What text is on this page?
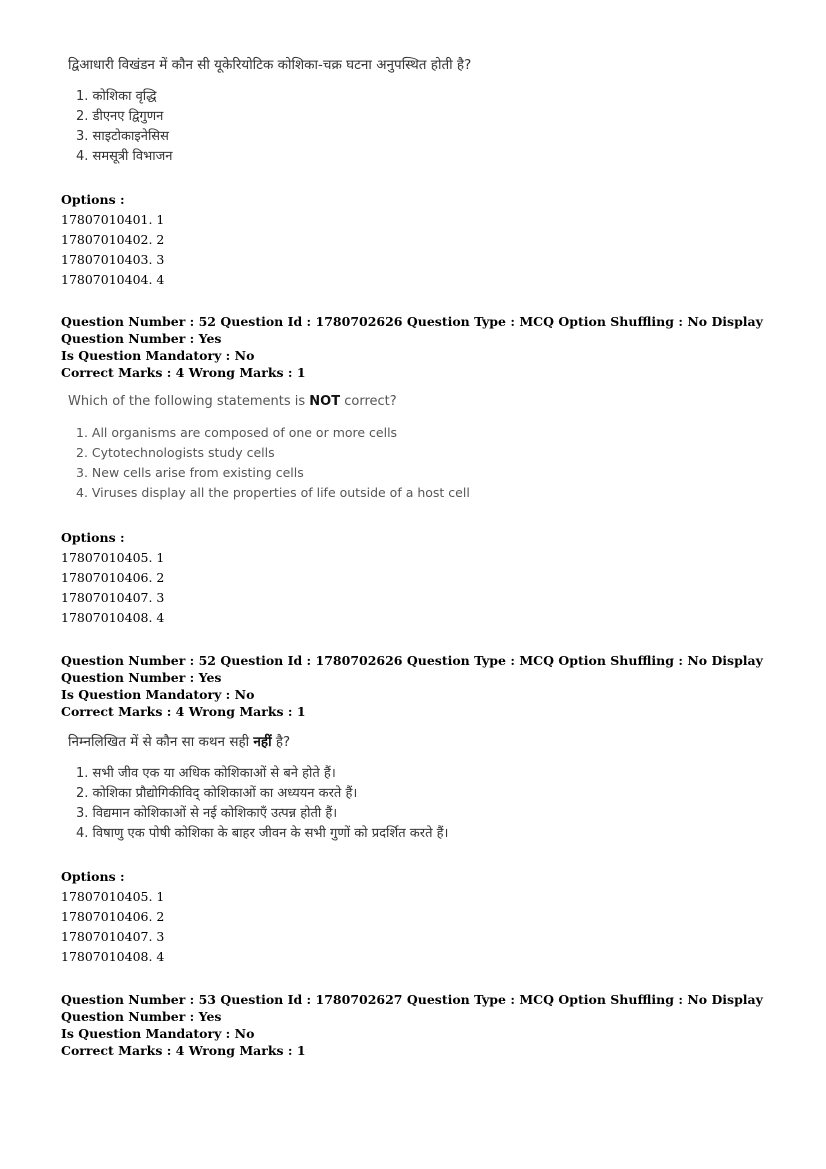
द्विआधारी विखंडन में कौन सी यूकेरियोटिक कोशिका-चक्र घटना अनुपस्थित होती है?
1. कोशिका वृद्धि
2. डीएनए द्विगुणन
3. साइटोकाइनेसिस
4. समसूत्री विभाजन
Options :
17807010401. 1
17807010402. 2
17807010403. 3
17807010404. 4
Question Number : 52 Question Id : 1780702626 Question Type : MCQ Option Shuffling : No Display Question Number : Yes
Is Question Mandatory : No
Correct Marks : 4 Wrong Marks : 1
Which of the following statements is NOT correct?
1. All organisms are composed of one or more cells
2. Cytotechnologists study cells
3. New cells arise from existing cells
4. Viruses display all the properties of life outside of a host cell
Options :
17807010405. 1
17807010406. 2
17807010407. 3
17807010408. 4
Question Number : 52 Question Id : 1780702626 Question Type : MCQ Option Shuffling : No Display Question Number : Yes
Is Question Mandatory : No
Correct Marks : 4 Wrong Marks : 1
निम्नलिखित में से कौन सा कथन सही नहीं है?
1. सभी जीव एक या अधिक कोशिकाओं से बने होते हैं।
2. कोशिका प्रौद्योगिकीविद् कोशिकाओं का अध्ययन करते हैं।
3. विद्यमान कोशिकाओं से नई कोशिकाएँ उत्पन्न होती हैं।
4. विषाणु एक पोषी कोशिका के बाहर जीवन के सभी गुणों को प्रदर्शित करते हैं।
Options :
17807010405. 1
17807010406. 2
17807010407. 3
17807010408. 4
Question Number : 53 Question Id : 1780702627 Question Type : MCQ Option Shuffling : No Display Question Number : Yes
Is Question Mandatory : No
Correct Marks : 4 Wrong Marks : 1
